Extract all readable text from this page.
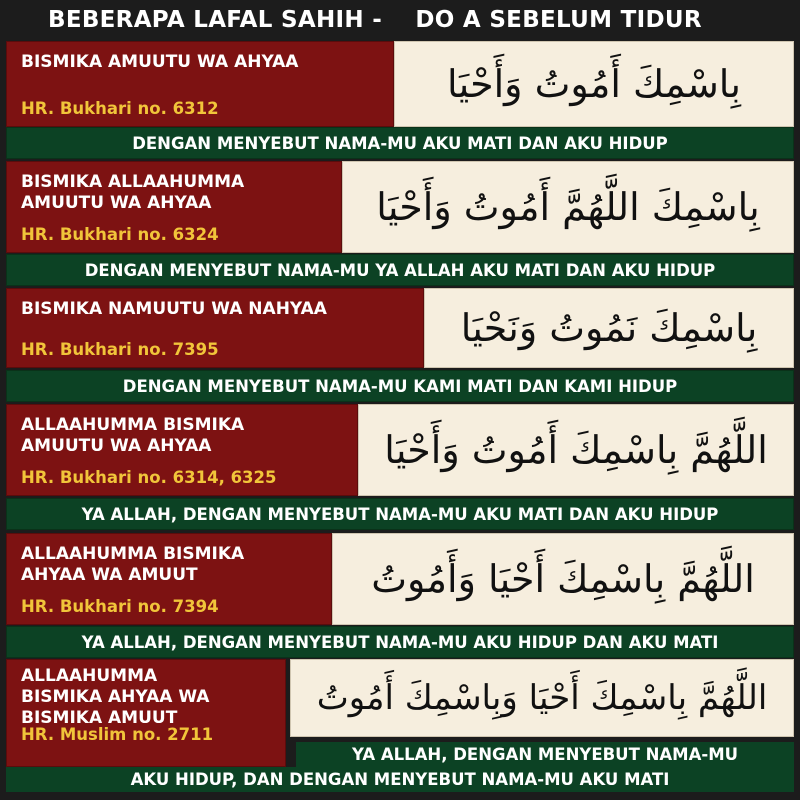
BEBERAPA LAFAL SAHIH -
DO A SEBELUM TIDUR
BISMIKA AMUUTU WA AHYAA
HR. Bukhari no. 6312
بِاسْمِكَ أَمُوتُ وَأَحْيَا
DENGAN MENYEBUT NAMA-MU AKU MATI DAN AKU HIDUP
BISMIKA ALLAAHUMMA
AMUUTU WA AHYAA
HR. Bukhari no. 6324
بِاسْمِكَ اللَّهُمَّ أَمُوتُ وَأَحْيَا
DENGAN MENYEBUT NAMA-MU YA ALLAH AKU MATI DAN AKU HIDUP
BISMIKA NAMUUTU WA NAHYAA
HR. Bukhari no. 7395	بِاسْمِكَ نَمُوتُ وَنَحْيَا
DENGAN MENYEBUT NAMA-MU KAMI MATI DAN KAMI HIDUP
ALLAAHUMMA BISMIKA
AMUUTU WA AHYAA
HR. Bukhari no. 6314, 6325
اللَّهُمَّ بِاسْمِكَ أَمُوتُ وَأَحْيَا
YA ALLAH, DENGAN MENYEBUT NAMA-MU AKU MATI DAN AKU HIDUP
ALLAAHUMMA BISMIKA
AHYAA WA AMUUT
HR. Bukhari no. 7394
اللَّهُمَّ بِاسْمِكَ أَحْيَا وَأَمُوتُ
YA ALLAH, DENGAN MENYEBUT NAMA-MU AKU HIDUP DAN AKU MATI
ALLAAHUMMA
BISMIKA AHYAA WA
BISMIKA AMUUT
HR. Muslim no. 2711
اللَّهُمَّ بِاسْمِكَ أَحْيَا وَبِاسْمِكَ أَمُوتُ
YA ALLAH, DENGAN MENYEBUT NAMA-MU
AKU HIDUP, DAN DENGAN MENYEBUT NAMA-MU AKU MATI
